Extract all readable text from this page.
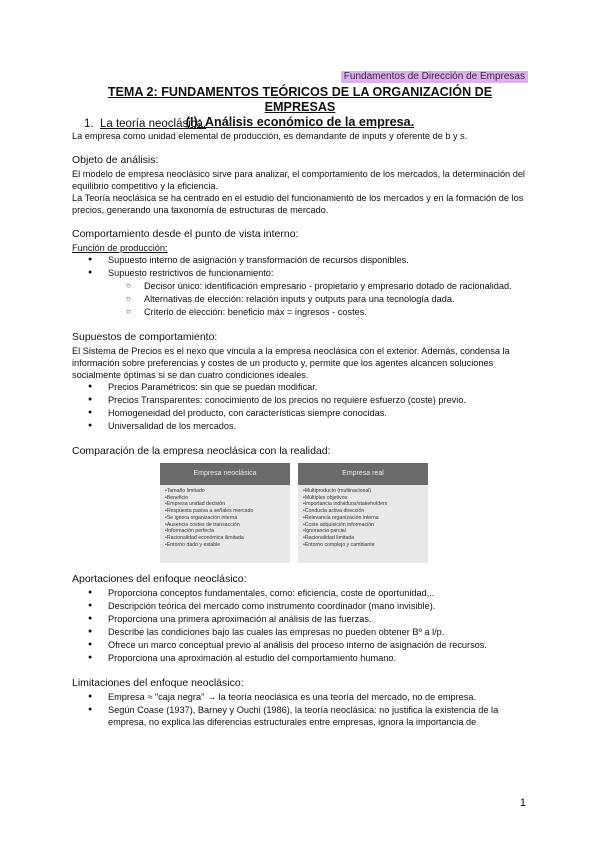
Fundamentos de Dirección de Empresas
TEMA 2: FUNDAMENTOS TEÓRICOS DE LA ORGANIZACIÓN DE EMPRESAS
(I): Análisis económico de la empresa.
1. La teoría neoclásica.

La empresa como unidad elemental de producción, es demandante de inputs y oferente de b y s.

Objeto de análisis:

El modelo de empresa neoclásico sirve para analizar, el comportamiento de los mercados, la determinación del equilibrio competitivo y la eficiencia.

La Teoría neoclásica se ha centrado en el estudio del funcionamiento de los mercados y en la formación de los precios, generando una taxonomía de estructuras de mercado.

Comportamiento desde el punto de vista interno:

Función de producción:

● Supuesto interno de asignación y transformación de recursos disponibles.
● Supuesto restrictivos de funcionamiento:
○ Decisor único: identificación empresario - propietario y empresario dotado de racionalidad.
○ Alternativas de elección: relación inputs y outputs para una tecnología dada.
○ Criterio de elección: beneficio máx = ingresos - costes.

Supuestos de comportamiento:

El Sistema de Precios es el nexo que vincula a la empresa neoclásica con el exterior. Además, condensa la información sobre preferencias y costes de un producto y, permite que los agentes alcancen soluciones socialmente óptimas si se dan cuatro condiciones ideales.

● Precios Paramétricos: sin que se puedan modificar.
● Precios Transparentes: conocimiento de los precios no requiere esfuerzo (coste) previo.
● Homogeneidad del producto, con características siempre conocidas.
● Universalidad de los mercados.

Comparación de la empresa neoclásica con la realidad:

Empresa neoclásica
• Tamaño limitado
• Beneficio
• Empresa unidad decisión
• Respuesta pasiva a señales mercado
• Se ignora organización interna
• Ausencia costes de transacción
• Información perfecta
• Racionalidad económica ilimitada
• Entorno dado y estable
Empresa real
• Multiproducto (multinacional)
• Múltiples objetivos
• Importancia individuos/stakeholders
• Conducta activa dirección
• Relevancia organización interna
• Coste adquisición información
• Ignorancia parcial
• Racionalidad limitada
• Entorno complejo y cambiante

Aportaciones del enfoque neoclásico:

● Proporciona conceptos fundamentales, como: eficiencia, coste de oportunidad,..
● Descripción teórica del mercado como instrumento coordinador (mano invisible).
● Proporciona una primera aproximación al análisis de las fuerzas.
● Describe las condiciones bajo las cuales las empresas no pueden obtener Bº a l/p.
● Ofrece un marco conceptual previo al análisis del proceso interno de asignación de recursos.
● Proporciona una aproximación al estudio del comportamiento humano.

Limitaciones del enfoque neoclásico:

● Empresa ≈ "caja negra" → la teoría neoclásica es una teoría del mercado, no de empresa.
● Según Coase (1937), Barney y Ouchi (1986), la teoría neoclásica: no justifica la existencia de la empresa, no explica las diferencias estructurales entre empresas, ignora la importancia de
1
